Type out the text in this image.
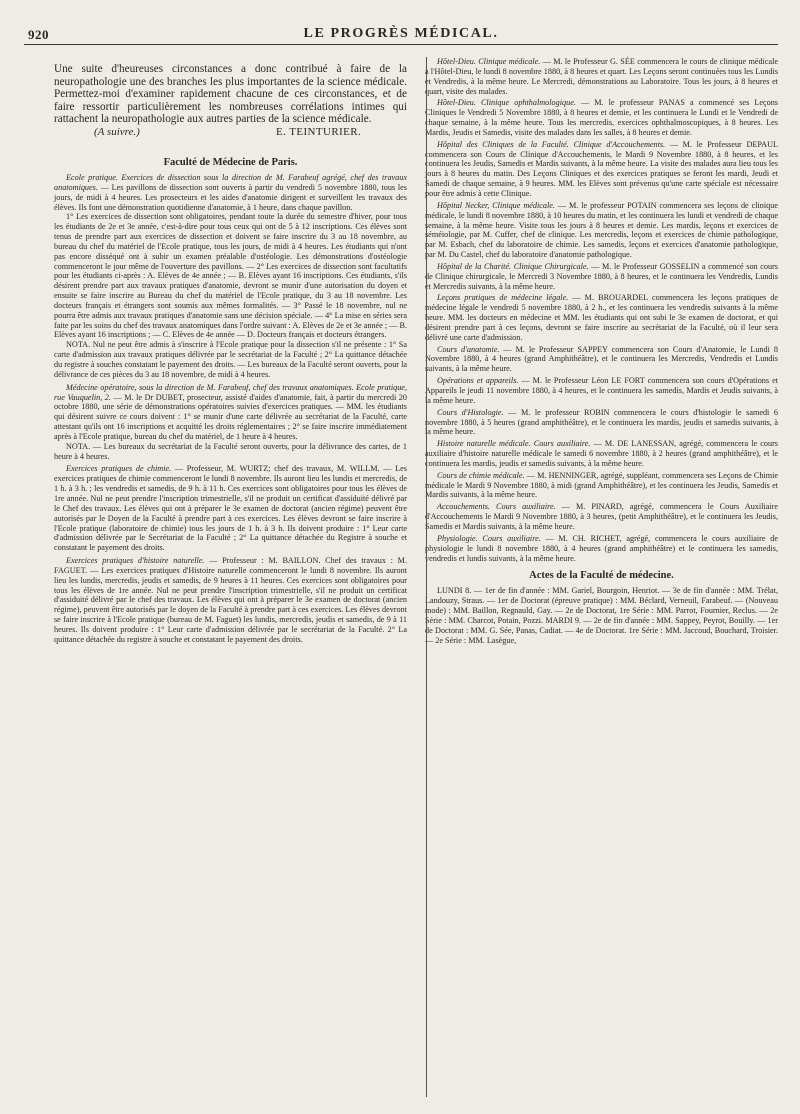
920	LE PROGRÈS MÉDICAL.

Une suite d'heureuses circonstances a donc contribué à faire de la neuropathologie une des branches les plus importantes de la science médicale. Permettez-moi d'examiner rapidement chacune de ces circonstances, et de faire ressortir particulièrement les nombreuses corrélations intimes qui rattachent la neuropathologie aux autres parties de la science médicale.

(A suivre.)	E. TEINTURIER.

Faculté de Médecine de Paris.

Ecole pratique. Exercices de dissection sous la direction de M. Farabeuf agrégé, chef des travaux anatomiques. — Les pavillons de dissection sont ouverts à partir du vendredi 5 novembre 1880, tous les jours, de midi à 4 heures. Les prosecteurs et les aides d'anatomie dirigent et surveillent les travaux des élèves. Ils font une démonstration quotidienne d'anatomie, à 1 heure, dans chaque pavillon.

1° Les exercices de dissection sont obligatoires, pendant toute la durée du semestre d'hiver, pour tous les étudiants de 2e et 3e année, c'est-à-dire pour tous ceux qui ont de 5 à 12 inscriptions. Ces élèves sont tenus de prendre part aux exercices de dissection et doivent se faire inscrire du 3 au 18 novembre, au bureau du chef du matériel de l'Ecole pratique, tous les jours, de midi à 4 heures. Les étudiants qui n'ont pas encore disséqué ont à subir un examen préalable d'ostéologie. Les démonstrations d'ostéologie commenceront le jour même de l'ouverture des pavillons. — 2° Les exercices de dissection sont facultatifs pour les étudiants ci-après : A. Elèves de 4e année ; — B. Elèves ayant 16 inscriptions. Ces étudiants, s'ils désirent prendre part aux travaux pratiques d'anatomie, devront se munir d'une autorisation du doyen et ensuite se faire inscrire au Bureau du chef du matériel de l'Ecole pratique, du 3 au 18 novembre. Les docteurs français et étrangers sont soumis aux mêmes formalités. — 3° Passé le 18 novembre, nul ne pourra être admis aux travaux pratiques d'anatomie sans une décision spéciale. — 4° La mise en séries sera faite par les soins du chef des travaux anatomiques dans l'ordre suivant : A. Elèves de 2e et 3e année ; — B. Elèves ayant 16 inscriptions ; — C. Elèves de 4e année — D. Docteurs français et docteurs étrangers.

NOTA. Nul ne peut être admis à s'inscrire à l'Ecole pratique pour la dissection s'il ne présente : 1° Sa carte d'admission aux travaux pratiques délivrée par le secrétariat de la Faculté ; 2° La quittance détachée du registre à souches constatant le payement des droits. — Les bureaux de la Faculté seront ouverts, pour la délivrance de ces pièces du 3 au 18 novembre, de midi à 4 heures.

Médecine opératoire, sous la direction de M. Farabeuf, chef des travaux anatomiques. Ecole pratique, rue Vauquelin, 2. — M. le Dr DUBET, prosecteur, assisté d'aides d'anatomie, fait, à partir du mercredi 20 octobre 1880, une série de démonstrations opératoires suivies d'exercices pratiques. — MM. les étudiants qui désirent suivre ce cours doivent : 1° se munir d'une carte délivrée au secrétariat de la Faculté, carte attestant qu'ils ont 16 inscriptions et acquitté les droits réglementaires ; 2° se faire inscrire immédiatement après à l'Ecole pratique, bureau du chef du matériel, de 1 heure à 4 heures.

NOTA. — Les bureaux du secrétariat de la Faculté seront ouverts, pour la délivrance des cartes, de 1 heure à 4 heures.

Exercices pratiques de chimie. — Professeur, M. WURTZ; chef des travaux, M. WILLM. — Les exercices pratiques de chimie commenceront le lundi 8 novembre. Ils auront lieu les lundis et mercredis, de 1 h. à 3 h. ; les vendredis et samedis, de 9 h. à 11 h. Ces exercices sont obligatoires pour tous les élèves de 1re année. Nul ne peut prendre l'inscription trimestrielle, s'il ne produit un certificat d'assiduité délivré par le Chef des travaux. Les élèves qui ont à préparer le 3e examen de doctorat (ancien régime) peuvent être autorisés par le Doyen de la Faculté à prendre part à ces exercices. Les élèves devront se faire inscrire à l'Ecole pratique (laboratoire de chimie) tous les jours de 1 h. à 3 h. Ils doivent produire : 1° Leur carte d'admission délivrée par le Secrétariat de la Faculté ; 2° La quittance détachée du Registre à souche et constatant le payement des droits.

Exercices pratiques d'histoire naturelle. — Professeur : M. BAILLON. Chef des travaux : M. FAGUET. — Les exercices pratiques d'Histoire naturelle commenceront le lundi 8 novembre. Ils auront lieu les lundis, mercredis, jeudis et samedis, de 9 heures à 11 heures. Ces exercices sont obligatoires pour tous les élèves de 1re année. Nul ne peut prendre l'inscription trimestrielle, s'il ne produit un certificat d'assiduité délivré par le chef des travaux. Les élèves qui ont à préparer le 3e examen de doctorat (ancien régime), peuvent être autorisés par le doyen de la Faculté à prendre part à ces exercices. Les élèves devront se faire inscrire à l'Ecole pratique (bureau de M. Faguet) les lundis, mercredis, jeudis et samedis, de 9 à 11 heures. Ils doivent produire : 1° Leur carte d'admission délivrée par le secrétariat de la Faculté. 2° La quittance détachée du registre à souche et constatant le payement des droits.

Hôtel-Dieu. Clinique médicale. — M. le Professeur G. SÉE commencera le cours de clinique médicale à l'Hôtel-Dieu, le lundi 8 novembre 1880, à 8 heures et quart. Les Leçons seront continuées tous les Lundis et Vendredis, à la même heure. Le Mercredi, démonstrations au Laboratoire. Tous les jours, à 8 heures et quart, visite des malades.

Hôtel-Dieu. Clinique ophthalmologique. — M. le professeur PANAS a commencé ses Leçons Cliniques le Vendredi 5 Novembre 1880, à 8 heures et demie, et les continuera le Lundi et le Vendredi de chaque semaine, à la même heure. Tous les mercredis, exercices ophthalmoscopiques, à 8 heures. Les Mardis, Jeudis et Samedis, visite des malades dans les salles, à 8 heures et demie.

Hôpital des Cliniques de la Faculté. Clinique d'Accouchements. — M. le Professeur DEPAUL commencera son Cours de Clinique d'Accouchements, le Mardi 9 Novembre 1880, à 8 heures, et les continuera les Jeudis, Samedis et Mardis suivants, à la même heure. La visite des malades aura lieu tous les jours à 8 heures du matin. Des Leçons Cliniques et des exercices pratiques se feront les mardi, Jeudi et Samedi de chaque semaine, à 9 heures. MM. les Elèves sont prévenus qu'une carte spéciale est nécessaire pour être admis à cette Clinique.

Hôpital Necker, Clinique médicale. — M. le professeur POTAIN commencera ses leçons de clinique médicale, le lundi 8 novembre 1880, à 10 heures du matin, et les continuera les lundi et vendredi de chaque semaine, à la même heure. Visite tous les jours à 8 heures et demie. Les mardis, leçons et exercices de séméiologie, par M. Cuffer, chef de clinique. Les mercredis, leçons et exercices de chimie pathologique, par M. Esbach, chef du laboratoire de chimie. Les samedis, leçons et exercices d'anatomie pathologique, par M. Du Castel, chef du laboratoire d'anatomie pathologique.

Hôpital de la Charité. Clinique Chirurgicale. — M. le Professeur GOSSELIN a commencé son cours de Clinique chirurgicale, le Mercredi 3 Novembre 1880, à 8 heures, et le continuera les Vendredis, Lundis et Mercredis suivants, à la même heure.

Leçons pratiques de médecine légale. — M. BROUARDEL commencera les leçons pratiques de médecine légale le vendredi 5 novembre 1880, à 2 h., et les continuera les vendredis suivants à la même heure. MM. les docteurs en médecine et MM. les étudiants qui ont subi le 3e examen de doctorat, et qui désirent prendre part à ces leçons, devront se faire inscrire au secrétariat de la Faculté, où il leur sera délivré une carte d'admission.

Cours d'anatomie. — M. le Professeur SAPPEY commencera son Cours d'Anatomie, le Lundi 8 Novembre 1880, à 4 heures (grand Amphithéâtre), et le continuera les Mercredis, Vendredis et Lundis suivants, à la même heure.

Opérations et appareils. — M. le Professeur Léon LE FORT commencera son cours d'Opérations et Appareils le jeudi 11 novembre 1880, à 4 heures, et le continuera les samedis, Mardis et Jeudis suivants, à la même heure.

Cours d'Histologie. — M. le professeur ROBIN commencera le cours d'histologie le samedi 6 novembre 1880, à 5 heures (grand amphithéâtre), et le continuera les mardis, jeudis et samedis suivants, à la même heure.

Histoire naturelle médicale. Cours auxiliaire. — M. DE LANESSAN, agrégé, commencera le cours auxiliaire d'histoire naturelle médicale le samedi 6 novembre 1880, à 2 heures (grand amphithéâtre), et le continuera les mardis, jeudis et samedis suivants, à la même heure.

Cours de chimie médicale. — M. HENNINGER, agrégé, suppléant, commencera ses Leçons de Chimie médicale le Mardi 9 Novembre 1880, à midi (grand Amphithéâtre), et les continuera les Jeudis, Samedis et Mardis suivants, à la même heure.

Accouchements. Cours auxiliaire. — M. PINARD, agrégé, commencera le Cours Auxiliaire d'Accouchements le Mardi 9 Novembre 1880, à 3 heures, (petit Amphithéâtre), et le continuera les Jeudis, Samedis et Mardis suivants, à la même heure.

Physiologie. Cours auxiliaire. — M. CH. RICHET, agrégé, commencera le cours auxiliaire de physiologie le lundi 8 novembre 1880, à 4 heures (grand amphithéâtre) et le continuera les samedis, vendredis et lundis suivants, à la même heure.

Actes de la Faculté de médecine.

LUNDI 8. — 1er de fin d'année : MM. Gariel, Bourgoin, Henriot. — 3e de fin d'année : MM. Trélat, Landouzy, Straus. — 1er de Doctorat (épreuve pratique) : MM. Béclard, Verneuil, Farabeuf. — (Nouveau mode) : MM. Baillon, Regnauld, Gay. — 2e de Doctorat, 1re Série : MM. Parrot, Fournier, Reclus. — 2e Série : MM. Charcot, Potain, Pozzi. MARDI 9. — 2e de fin d'année : MM. Sappey, Peyrot, Bouilly. — 1er de Doctorat : MM. G. Sée, Panas, Cadiat. — 4e de Doctorat. 1re Série : MM. Jaccoud, Bouchard, Troisier. — 2e Série : MM. Lasègue,
